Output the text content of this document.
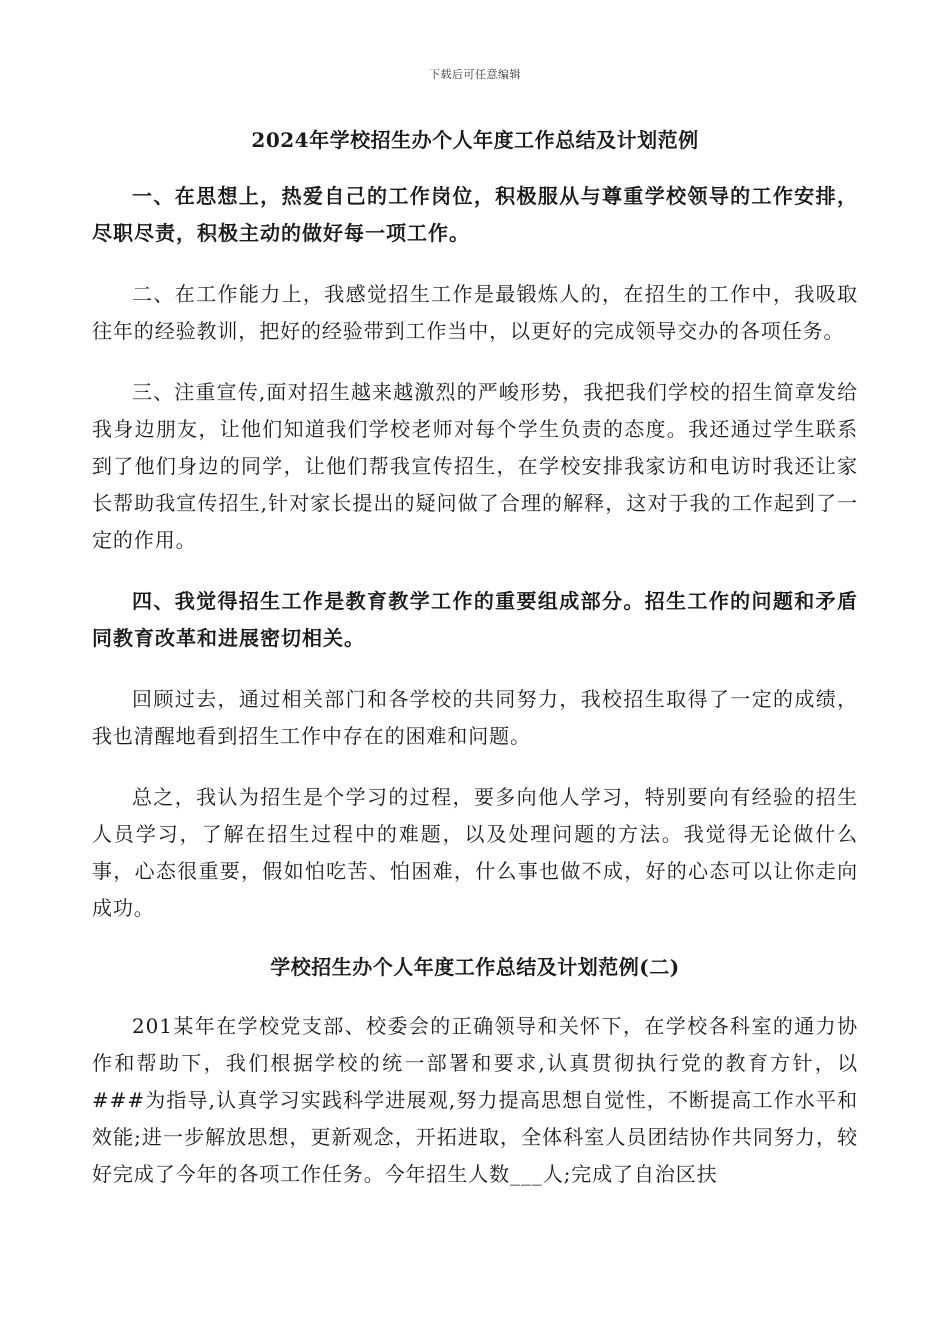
下载后可任意编辑
2024年学校招生办个人年度工作总结及计划范例

一、在思想上，热爱自己的工作岗位，积极服从与尊重学校领导的工作安排，尽职尽责，积极主动的做好每一项工作。

二、在工作能力上，我感觉招生工作是最锻炼人的，在招生的工作中，我吸取往年的经验教训，把好的经验带到工作当中，以更好的完成领导交办的各项任务。

三、注重宣传,面对招生越来越激烈的严峻形势，我把我们学校的招生简章发给我身边朋友，让他们知道我们学校老师对每个学生负责的态度。我还通过学生联系到了他们身边的同学，让他们帮我宣传招生，在学校安排我家访和电访时我还让家长帮助我宣传招生,针对家长提出的疑问做了合理的解释，这对于我的工作起到了一定的作用。

四、我觉得招生工作是教育教学工作的重要组成部分。招生工作的问题和矛盾同教育改革和进展密切相关。

回顾过去，通过相关部门和各学校的共同努力，我校招生取得了一定的成绩，我也清醒地看到招生工作中存在的困难和问题。

总之，我认为招生是个学习的过程，要多向他人学习，特别要向有经验的招生人员学习，了解在招生过程中的难题，以及处理问题的方法。我觉得无论做什么事，心态很重要，假如怕吃苦、怕困难，什么事也做不成，好的心态可以让你走向成功。

学校招生办个人年度工作总结及计划范例(二)

201某年在学校党支部、校委会的正确领导和关怀下，在学校各科室的通力协作和帮助下，我们根据学校的统一部署和要求,认真贯彻执行党的教育方针，以###为指导,认真学习实践科学进展观,努力提高思想自觉性，不断提高工作水平和效能;进一步解放思想，更新观念，开拓进取，全体科室人员团结协作共同努力，较好完成了今年的各项工作任务。今年招生人数___人;完成了自治区扶
